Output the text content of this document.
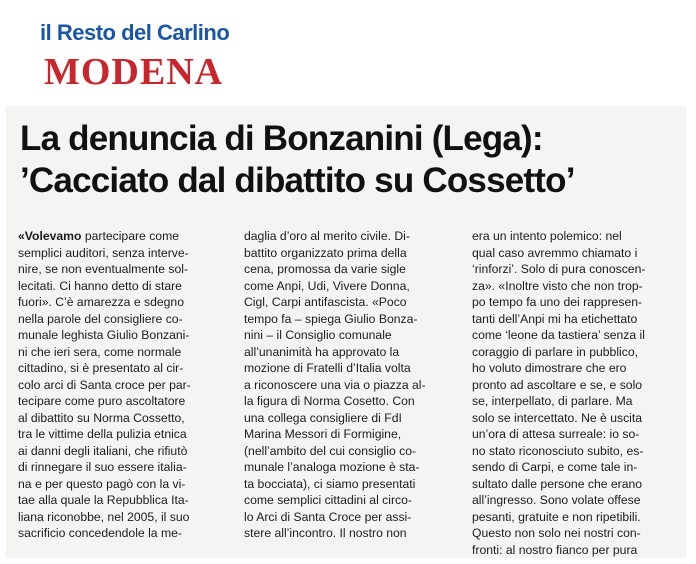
il Resto del Carlino
MODENA
La denuncia di Bonzanini (Lega):
’Cacciato dal dibattito su Cossetto’
«Volevamo partecipare come
semplici auditori, senza interve-
nire, se non eventualmente sol-
lecitati. Ci hanno detto di stare
fuori». C’è amarezza e sdegno
nella parole del consigliere co-
munale leghista Giulio Bonzani-
ni che ieri sera, come normale
cittadino, si è presentato al cir-
colo arci di Santa croce per par-
tecipare come puro ascoltatore
al dibattito su Norma Cossetto,
tra le vittime della pulizia etnica
ai danni degli italiani, che rifiutò
di rinnegare il suo essere italia-
na e per questo pagò con la vi-
tae alla quale la Repubblica Ita-
liana riconobbe, nel 2005, il suo
sacrificio concedendole la me-
daglia d’oro al merito civile. Di-
battito organizzato prima della
cena, promossa da varie sigle
come Anpi, Udi, Vivere Donna,
Cigl, Carpi antifascista. «Poco
tempo fa – spiega Giulio Bonza-
nini – il Consiglio comunale
all’unanimità ha approvato la
mozione di Fratelli d’Italia volta
a riconoscere una via o piazza al-
la figura di Norma Cosetto. Con
una collega consigliere di FdI
Marina Messori di Formigine,
(nell’ambito del cui consiglio co-
munale l’analoga mozione è sta-
ta bocciata), ci siamo presentati
come semplici cittadini al circo-
lo Arci di Santa Croce per assi-
stere all’incontro. Il nostro non
era un intento polemico: nel
qual caso avremmo chiamato i
‘rinforzi’. Solo di pura conoscen-
za». «Inoltre visto che non trop-
po tempo fa uno dei rappresen-
tanti dell’Anpi mi ha etichettato
come ‘leone da tastiera’ senza il
coraggio di parlare in pubblico,
ho voluto dimostrare che ero
pronto ad ascoltare e se, e solo
se, interpellato, di parlare. Ma
solo se intercettato. Ne è uscita
un’ora di attesa surreale: io so-
no stato riconosciuto subito, es-
sendo di Carpi, e come tale in-
sultato dalle persone che erano
all’ingresso. Sono volate offese
pesanti, gratuite e non ripetibili.
Questo non solo nei nostri con-
fronti: al nostro fianco per pura
